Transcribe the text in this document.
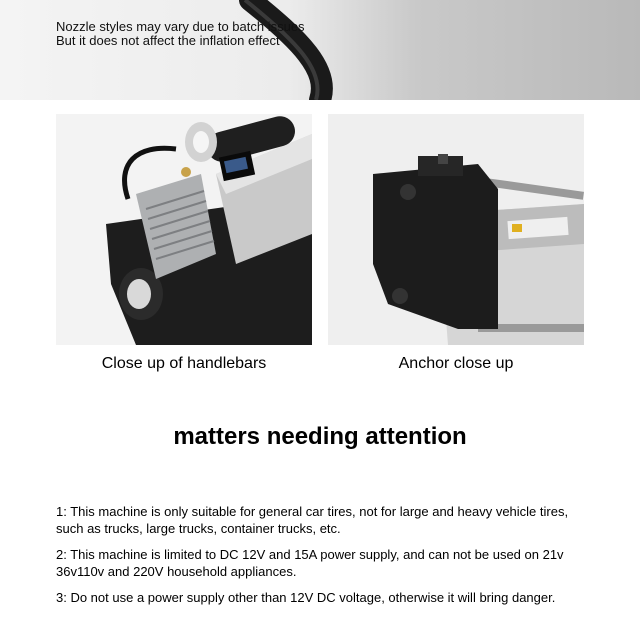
Nozzle styles may vary due to batch issues
But it does not affect the inflation effect
Close up of handlebars	Anchor close up
matters needing attention

1: This machine is only suitable for general car tires, not for large and heavy vehicle tires, such as trucks, large trucks, container trucks, etc.

2: This machine is limited to DC 12V and 15A power supply, and can not be used on 21v 36v110v and 220V household appliances.

3: Do not use a power supply other than 12V DC voltage, otherwise it will bring danger.
